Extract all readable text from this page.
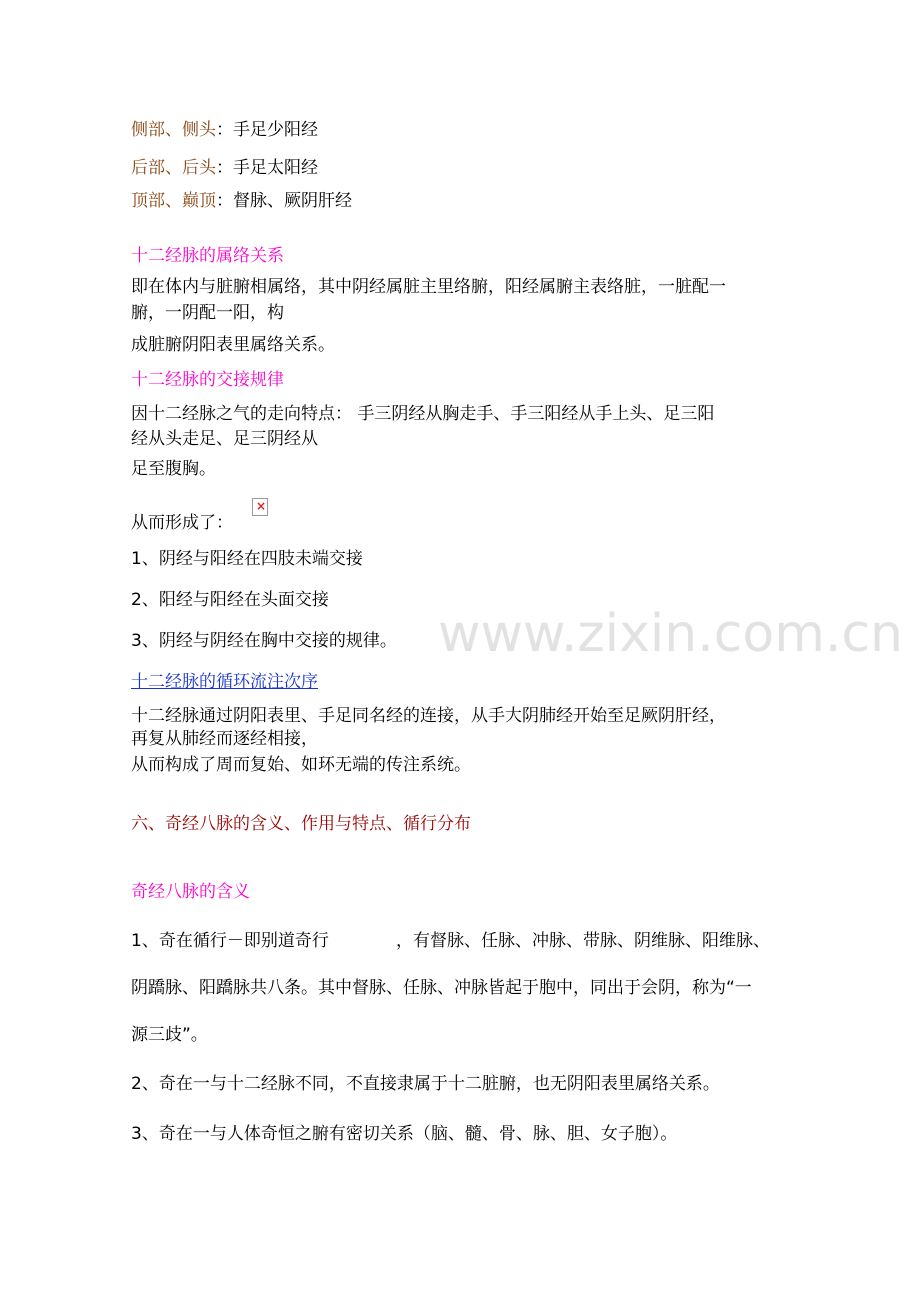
www.zixin.com.cn
侧部、侧头：手足少阳经
后部、后头：手足太阳经
顶部、巅顶：督脉、厥阴肝经
十二经脉的属络关系
即在体内与脏腑相属络，其中阴经属脏主里络腑，阳经属腑主表络脏，一脏配一
腑，一阴配一阳，构
成脏腑阴阳表里属络关系。
十二经脉的交接规律
因十二经脉之气的走向特点： 手三阴经从胸走手、手三阳经从手上头、足三阳
经从头走足、足三阴经从
足至腹胸。
从而形成了：
×
1、阴经与阳经在四肢未端交接
2、阳经与阳经在头面交接
3、阴经与阴经在胸中交接的规律。
十二经脉的循环流注次序
十二经脉通过阴阳表里、手足同名经的连接，从手大阴肺经开始至足厥阴肝经，
再复从肺经而逐经相接，
从而构成了周而复始、如环无端的传注系统。
六、奇经八脉的含义、作用与特点、循行分布
奇经八脉的含义
1、奇在循行－即别道奇行	，有督脉、任脉、冲脉、带脉、阴维脉、阳维脉、
阴蹻脉、阳蹻脉共八条。其中督脉、任脉、冲脉皆起于胞中，同出于会阴，称为“一
源三歧”。
2、奇在一与十二经脉不同，不直接隶属于十二脏腑，也无阴阳表里属络关系。
3、奇在一与人体奇恒之腑有密切关系（脑、髓、骨、脉、胆、女子胞）。
